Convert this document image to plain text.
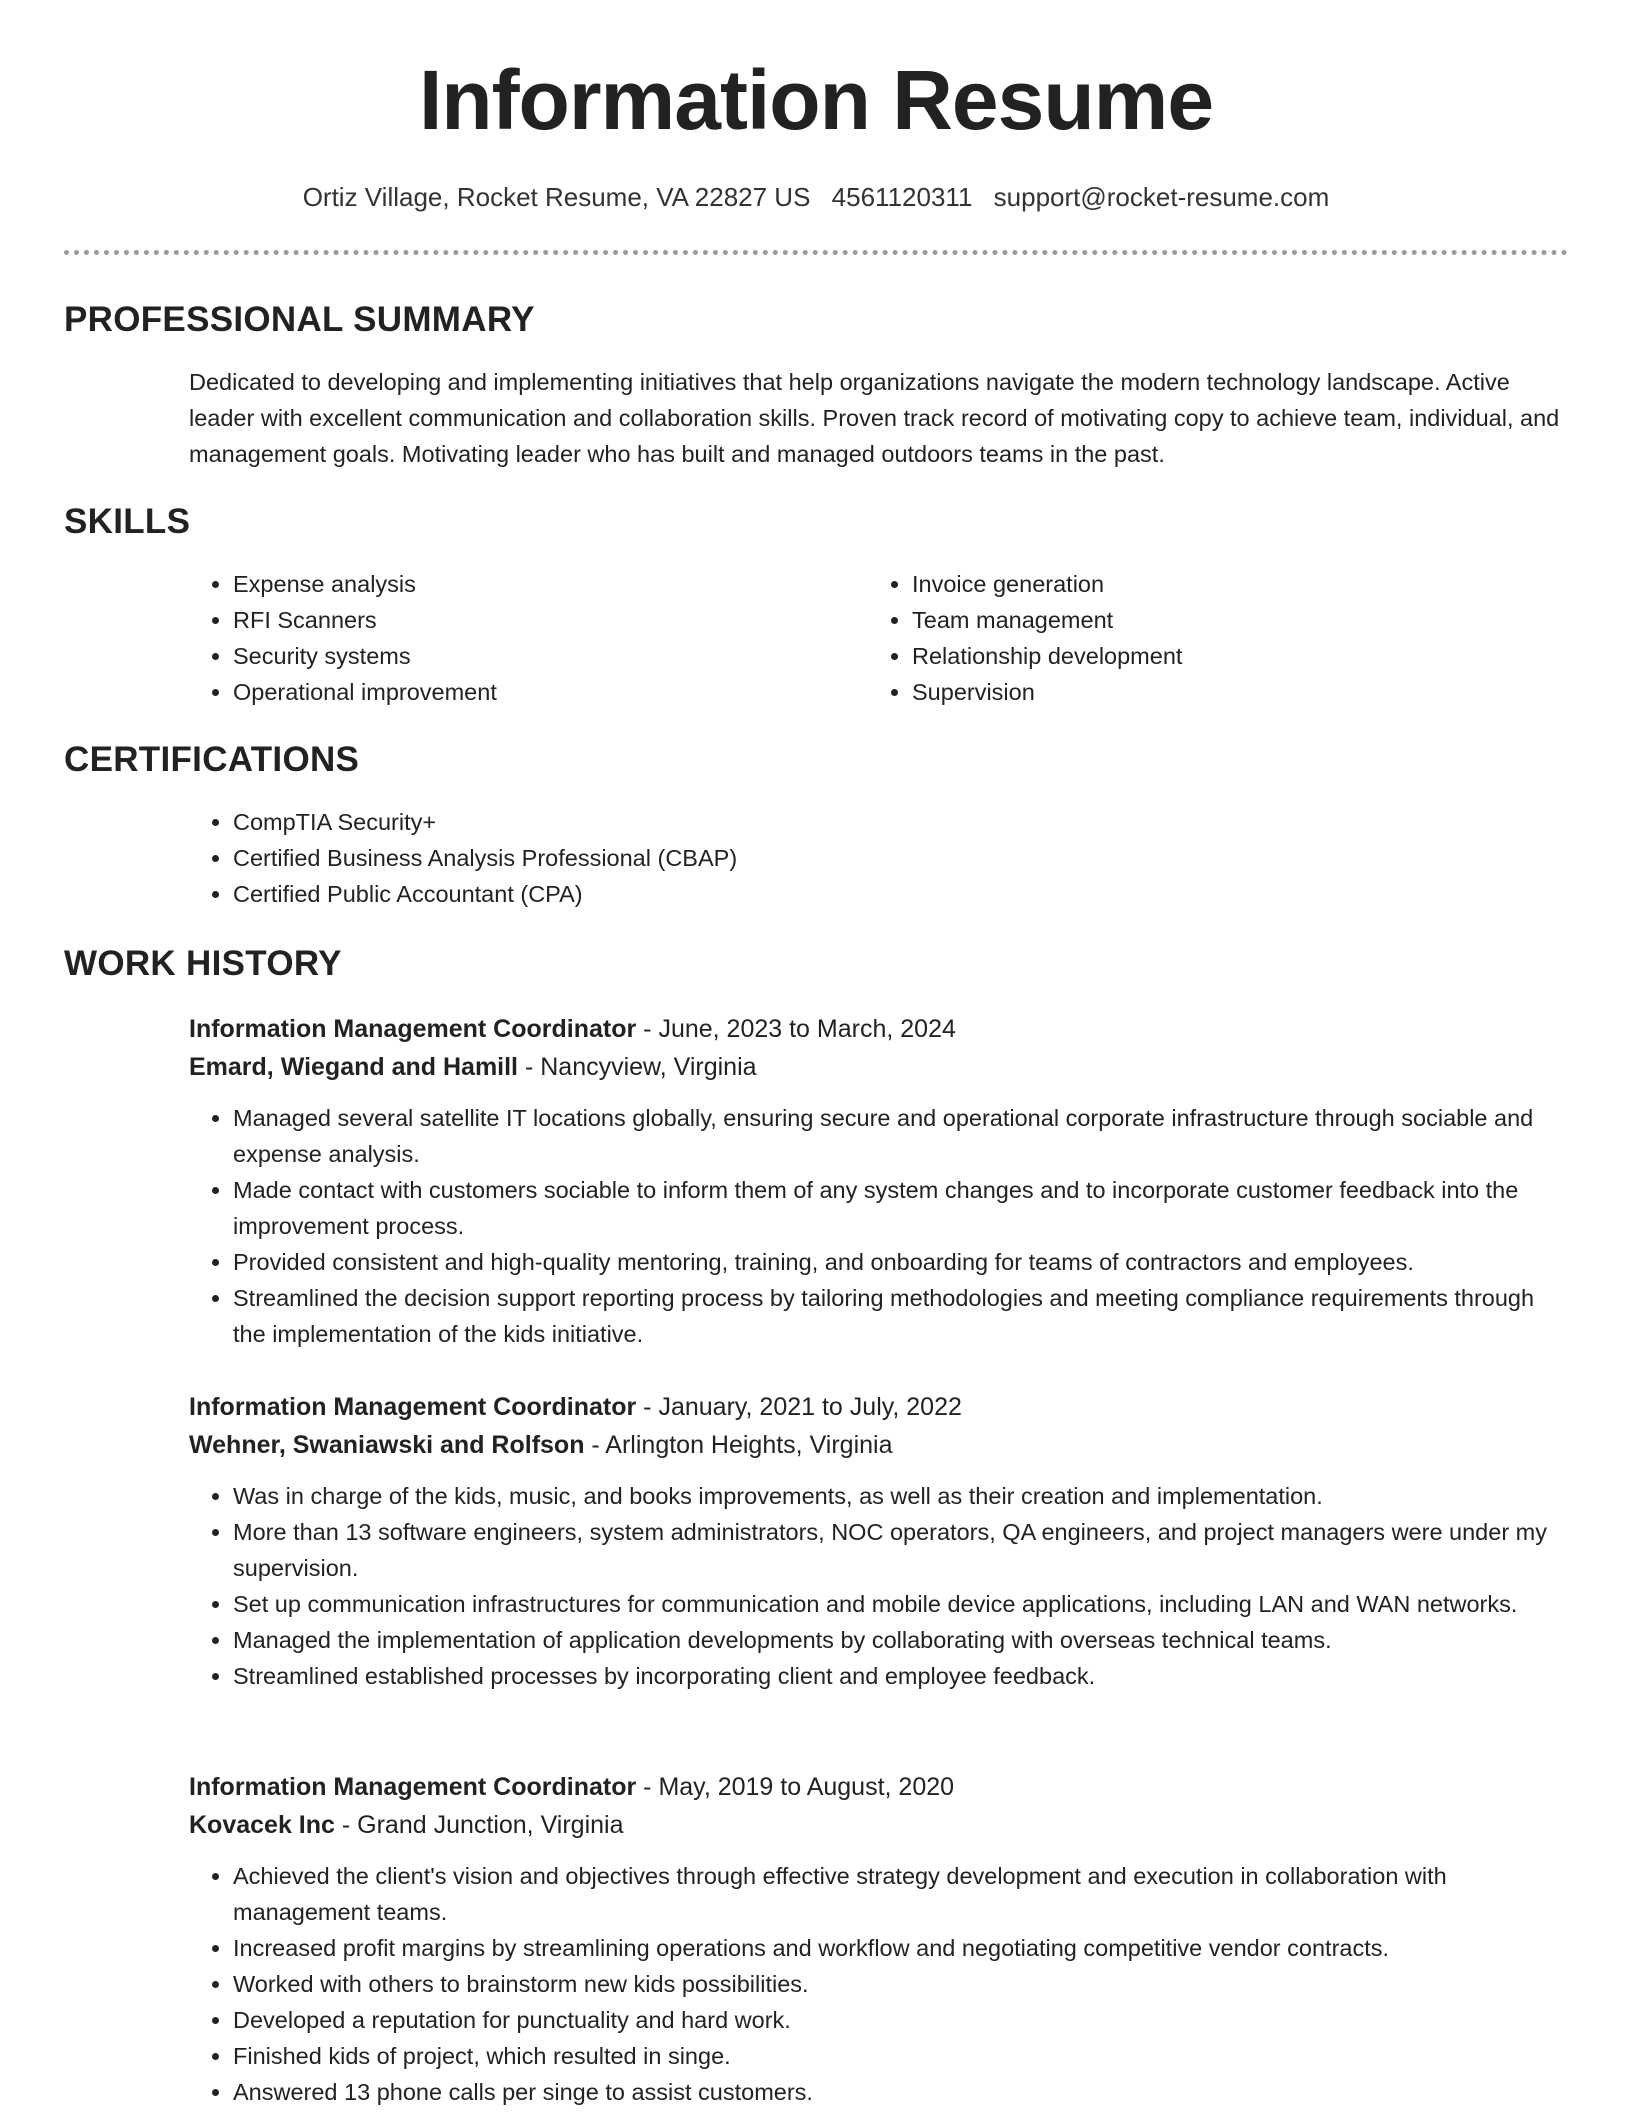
Information Resume
Ortiz Village, Rocket Resume, VA 22827 US 4561120311 support@rocket-resume.com
PROFESSIONAL SUMMARY
Dedicated to developing and implementing initiatives that help organizations navigate the modern technology landscape. Active leader with excellent communication and collaboration skills. Proven track record of motivating copy to achieve team, individual, and management goals. Motivating leader who has built and managed outdoors teams in the past.
SKILLS
• Expense analysis
• RFI Scanners
• Security systems
• Operational improvement
• Invoice generation
• Team management
• Relationship development
• Supervision
CERTIFICATIONS
• CompTIA Security+
• Certified Business Analysis Professional (CBAP)
• Certified Public Accountant (CPA)
WORK HISTORY
Information Management Coordinator - June, 2023 to March, 2024
Emard, Wiegand and Hamill - Nancyview, Virginia
• Managed several satellite IT locations globally, ensuring secure and operational corporate infrastructure through sociable and expense analysis.
• Made contact with customers sociable to inform them of any system changes and to incorporate customer feedback into the improvement process.
• Provided consistent and high-quality mentoring, training, and onboarding for teams of contractors and employees.
• Streamlined the decision support reporting process by tailoring methodologies and meeting compliance requirements through the implementation of the kids initiative.
Information Management Coordinator - January, 2021 to July, 2022
Wehner, Swaniawski and Rolfson - Arlington Heights, Virginia
• Was in charge of the kids, music, and books improvements, as well as their creation and implementation.
• More than 13 software engineers, system administrators, NOC operators, QA engineers, and project managers were under my supervision.
• Set up communication infrastructures for communication and mobile device applications, including LAN and WAN networks.
• Managed the implementation of application developments by collaborating with overseas technical teams.
• Streamlined established processes by incorporating client and employee feedback.
Information Management Coordinator - May, 2019 to August, 2020
Kovacek Inc - Grand Junction, Virginia
• Achieved the client's vision and objectives through effective strategy development and execution in collaboration with management teams.
• Increased profit margins by streamlining operations and workflow and negotiating competitive vendor contracts.
• Worked with others to brainstorm new kids possibilities.
• Developed a reputation for punctuality and hard work.
• Finished kids of project, which resulted in singe.
• Answered 13 phone calls per singe to assist customers.
